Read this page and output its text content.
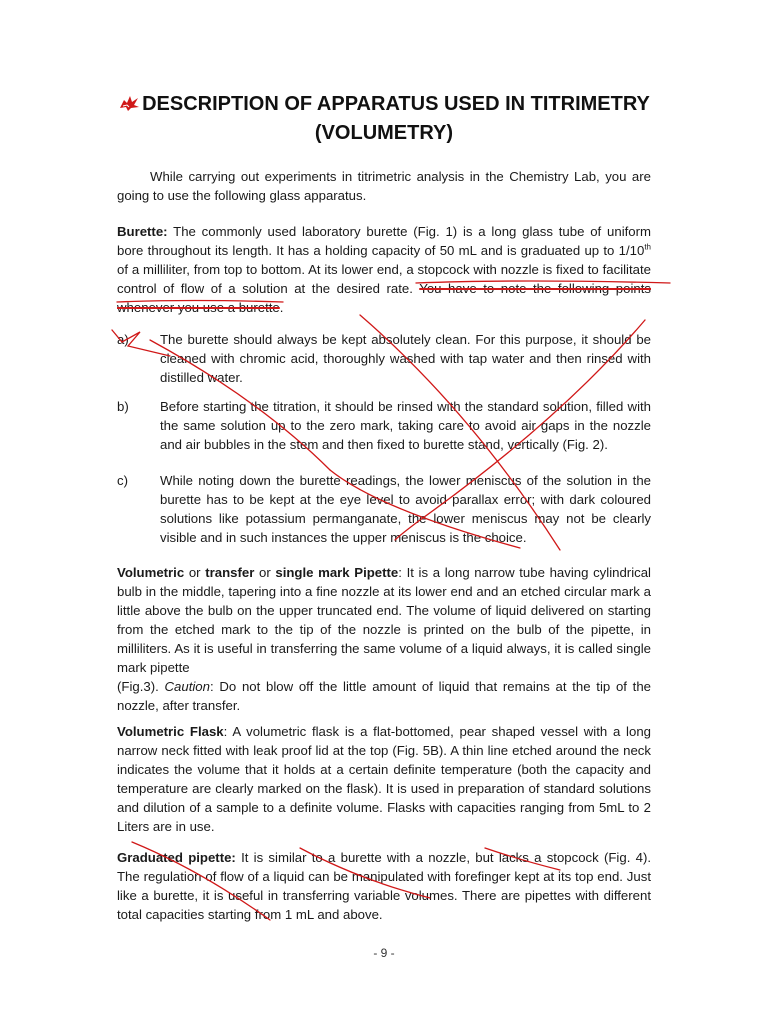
DESCRIPTION OF APPARATUS USED IN TITRIMETRY
(VOLUMETRY)

While carrying out experiments in titrimetric analysis in the Chemistry Lab, you are going to use the following glass apparatus.

Burette: The commonly used laboratory burette (Fig. 1) is a long glass tube of uniform bore throughout its length. It has a holding capacity of 50 mL and is graduated up to 1/10th of a milliliter, from top to bottom. At its lower end, a stopcock with nozzle is fixed to facilitate control of flow of a solution at the desired rate. You have to note the following points whenever you use a burette.

a)	The burette should always be kept absolutely clean. For this purpose, it should be cleaned with chromic acid, thoroughly washed with tap water and then rinsed with distilled water.

b)	Before starting the titration, it should be rinsed with the standard solution, filled with the same solution up to the zero mark, taking care to avoid air gaps in the nozzle and air bubbles in the stem and then fixed to burette stand, vertically (Fig. 2).

c)	While noting down the burette readings, the lower meniscus of the solution in the burette has to be kept at the eye level to avoid parallax error; with dark coloured solutions like potassium permanganate, the lower meniscus may not be clearly visible and in such instances the upper meniscus is the choice.

Volumetric or transfer or single mark Pipette: It is a long narrow tube having cylindrical bulb in the middle, tapering into a fine nozzle at its lower end and an etched circular mark a little above the bulb on the upper truncated end. The volume of liquid delivered on starting from the etched mark to the tip of the nozzle is printed on the bulb of the pipette, in milliliters. As it is useful in transferring the same volume of a liquid always, it is called single mark pipette
(Fig.3). Caution: Do not blow off the little amount of liquid that remains at the tip of the nozzle, after transfer.

Volumetric Flask: A volumetric flask is a flat-bottomed, pear shaped vessel with a long narrow neck fitted with leak proof lid at the top (Fig. 5B). A thin line etched around the neck indicates the volume that it holds at a certain definite temperature (both the capacity and temperature are clearly marked on the flask). It is used in preparation of standard solutions and dilution of a sample to a definite volume. Flasks with capacities ranging from 5mL to 2 Liters are in use.

Graduated pipette: It is similar to a burette with a nozzle, but lacks a stopcock (Fig. 4). The regulation of flow of a liquid can be manipulated with forefinger kept at its top end. Just like a burette, it is useful in transferring variable volumes. There are pipettes with different total capacities starting from 1 mL and above.

- 9 -
